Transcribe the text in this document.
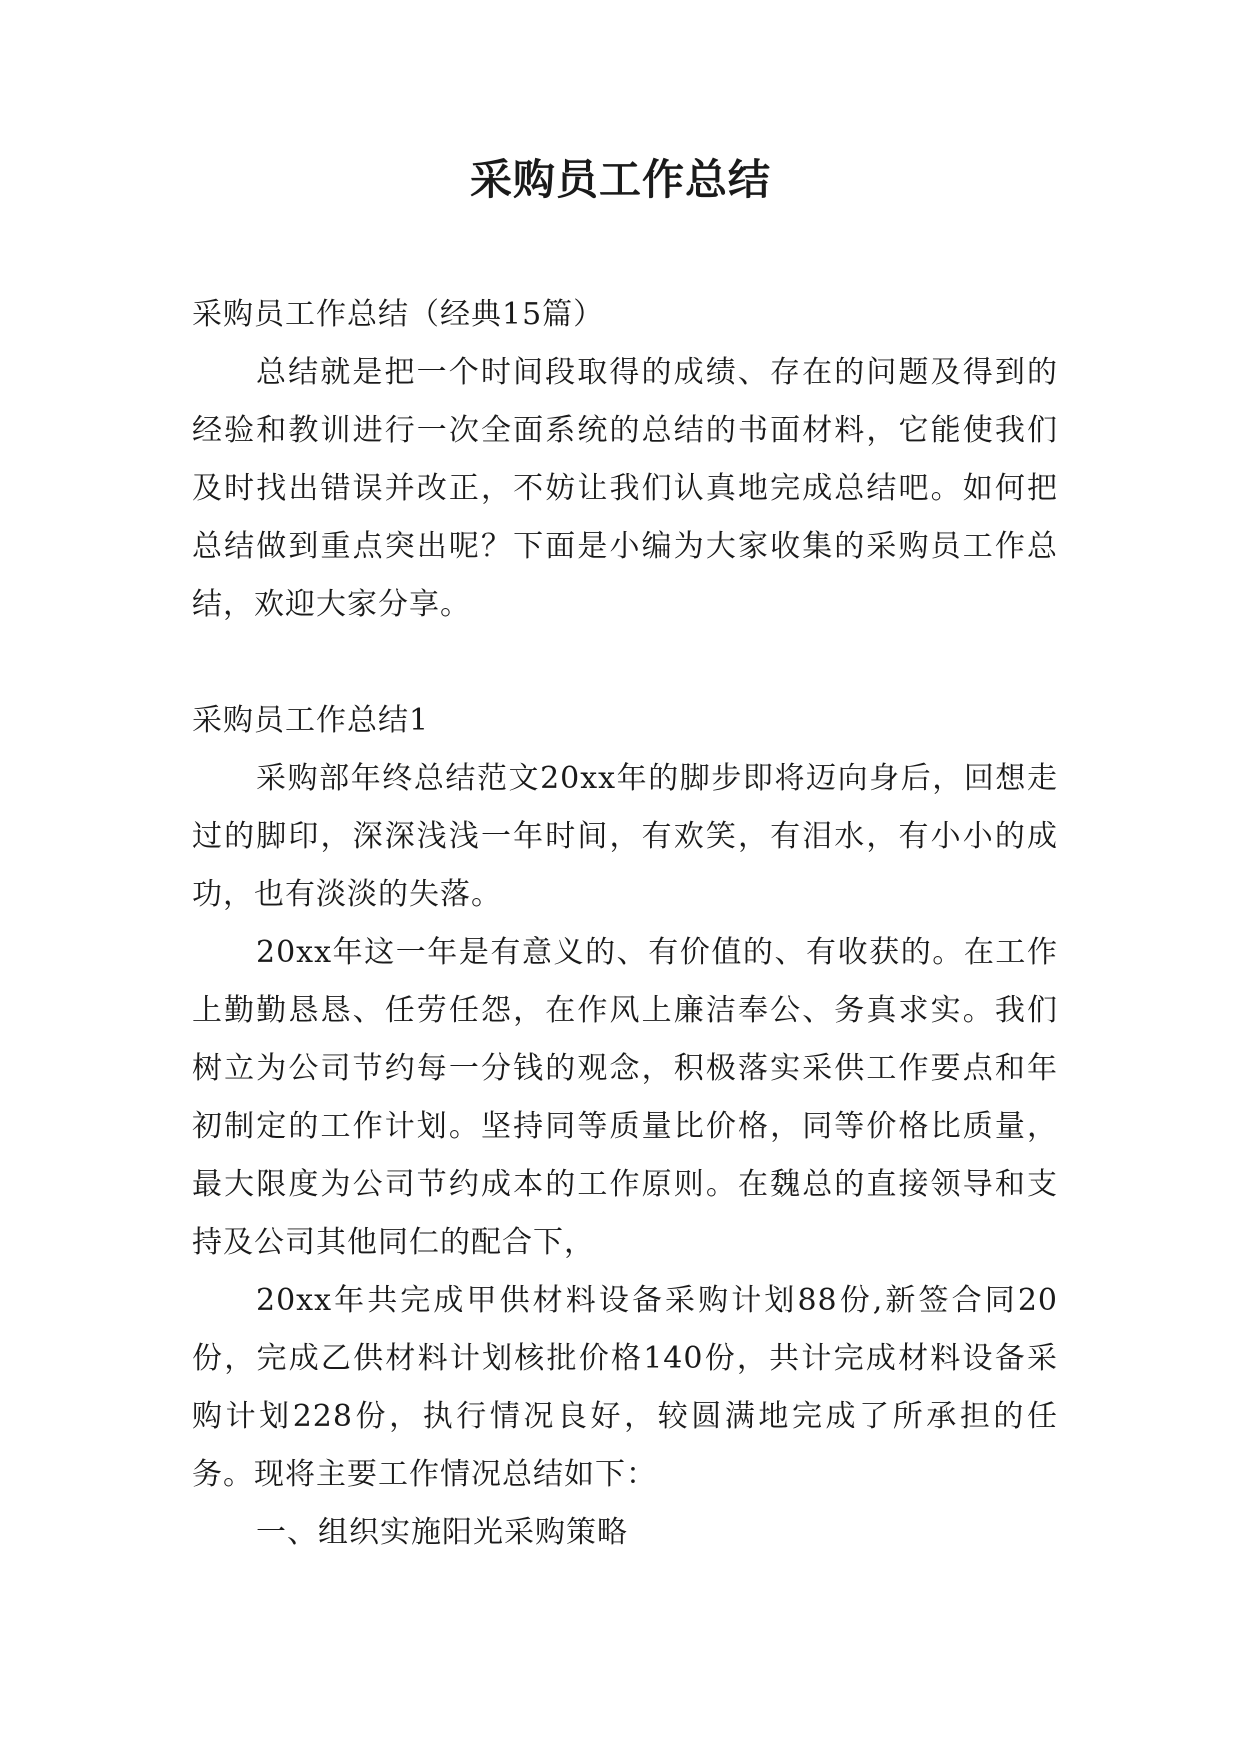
采购员工作总结

采购员工作总结（经典15篇）

总结就是把一个时间段取得的成绩、存在的问题及得到的经验和教训进行一次全面系统的总结的书面材料，它能使我们及时找出错误并改正，不妨让我们认真地完成总结吧。如何把总结做到重点突出呢？下面是小编为大家收集的采购员工作总结，欢迎大家分享。

采购员工作总结1

采购部年终总结范文20xx年的脚步即将迈向身后，回想走过的脚印，深深浅浅一年时间，有欢笑，有泪水，有小小的成功，也有淡淡的失落。

20xx年这一年是有意义的、有价值的、有收获的。在工作上勤勤恳恳、任劳任怨，在作风上廉洁奉公、务真求实。我们树立为公司节约每一分钱的观念，积极落实采供工作要点和年初制定的工作计划。坚持同等质量比价格，同等价格比质量，最大限度为公司节约成本的工作原则。在魏总的直接领导和支持及公司其他同仁的配合下，

20xx年共完成甲供材料设备采购计划88份,新签合同20份，完成乙供材料计划核批价格140份，共计完成材料设备采购计划228份，执行情况良好，较圆满地完成了所承担的任务。现将主要工作情况总结如下：

一、组织实施阳光采购策略
